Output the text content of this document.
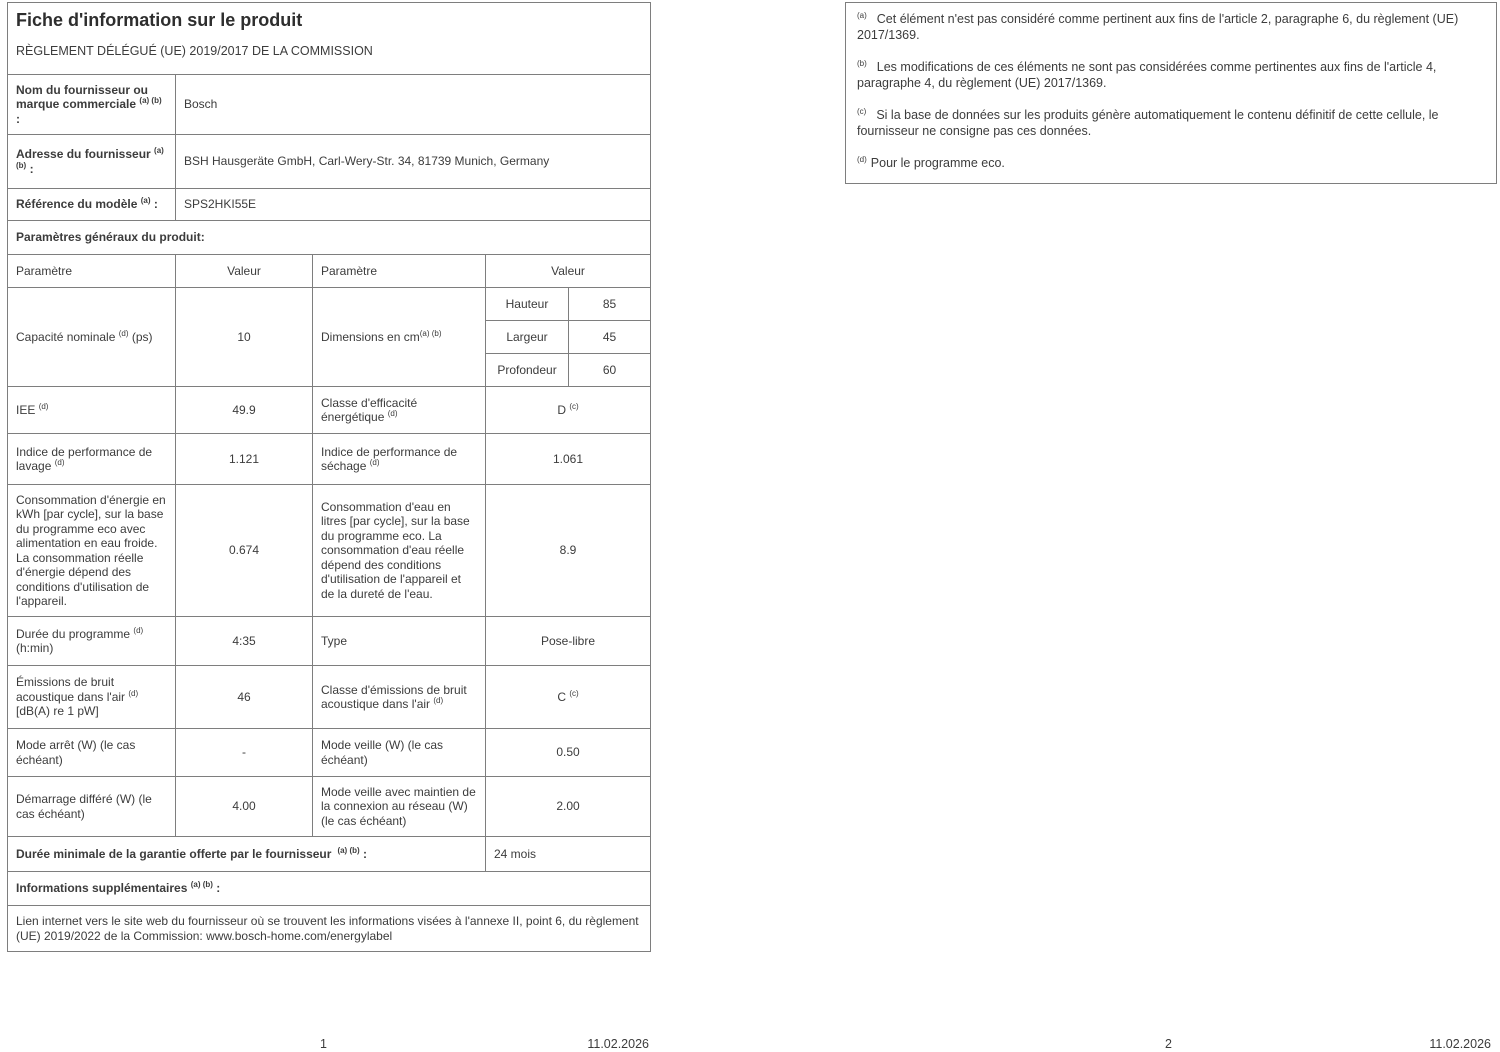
Fiche d'information sur le produit
RÈGLEMENT DÉLÉGUÉ (UE) 2019/2017 DE LA COMMISSION				

Nom du fournisseur ou marque commerciale $^{(a) (b)}$ :	Bosch			
Adresse du fournisseur $^{(a) (b)}$ :	BSH Hausgeräte GmbH, Carl-Wery-Str. 34, 81739 Munich, Germany			
Référence du modèle $^{(a)}$ :	SPS2HKI55E			
Paramètres généraux du produit:				
Paramètre	Valeur	Paramètre	Valeur	
Capacité nominale $^{(d)}$ (ps)	10	Dimensions en $cm^{(a) (b)}$	Hauteur	85
			Largeur	45
			Profondeur	60
IEE $^{(d)}$	49.9	Classe d'efficacité énergétique $^{(d)}$	D $^{(c)}$
Indice de performance de lavage $^{(d)}$	1.121	Indice de performance de séchage $^{(d)}$	1.061	
Consommation d'énergie en kWh [par cycle], sur la base du programme eco avec alimentation en eau froide. La consommation réelle d'énergie dépend des conditions d'utilisation de l'appareil.	0.674	Consommation d'eau en litres [par cycle], sur la base du programme eco. La consommation d'eau réelle dépend des conditions d'utilisation de l'appareil et de la dureté de l'eau.	8.9	
Durée du programme $^{(d)}$ (h:min)	4:35	Type	Pose-libre	
Émissions de bruit acoustique dans l'air $^{(d)}$ [dB(A) re 1 pW]	46	Classe d'émissions de bruit acoustique dans l'air $^{(d)}$	C $^{(c)}$
Mode arrêt (W) (le cas échéant)	-	Mode veille (W) (le cas échéant)	0.50	
Démarrage différé (W) (le cas échéant)	4.00	Mode veille avec maintien de la connexion au réseau (W) (le cas échéant)	2.00	
Durée minimale de la garantie offerte par le fournisseur $^{(a) (b)}$ :			24 mois	
Informations supplémentaires $^{(a) (b)}$ :				
Lien internet vers le site web du fournisseur où se trouvent les informations visées à l'annexe II, point 6, du règlement (UE) 2019/2022 de la Commission: www.bosch-home.com/energylabel				

$^{(a)}$ Cet élément n'est pas considéré comme pertinent aux fins de l'article 2, paragraphe 6, du règlement (UE) 2017/1369.

$^{(b)}$ Les modifications de ces éléments ne sont pas considérées comme pertinentes aux fins de l'article 4, paragraphe 4, du règlement (UE) 2017/1369.

$^{(c)}$ Si la base de données sur les produits génère automatiquement le contenu définitif de cette cellule, le fournisseur ne consigne pas ces données.

$^{(d)}$ Pour le programme eco.

1	11.02.2026	2	11.02.2026
